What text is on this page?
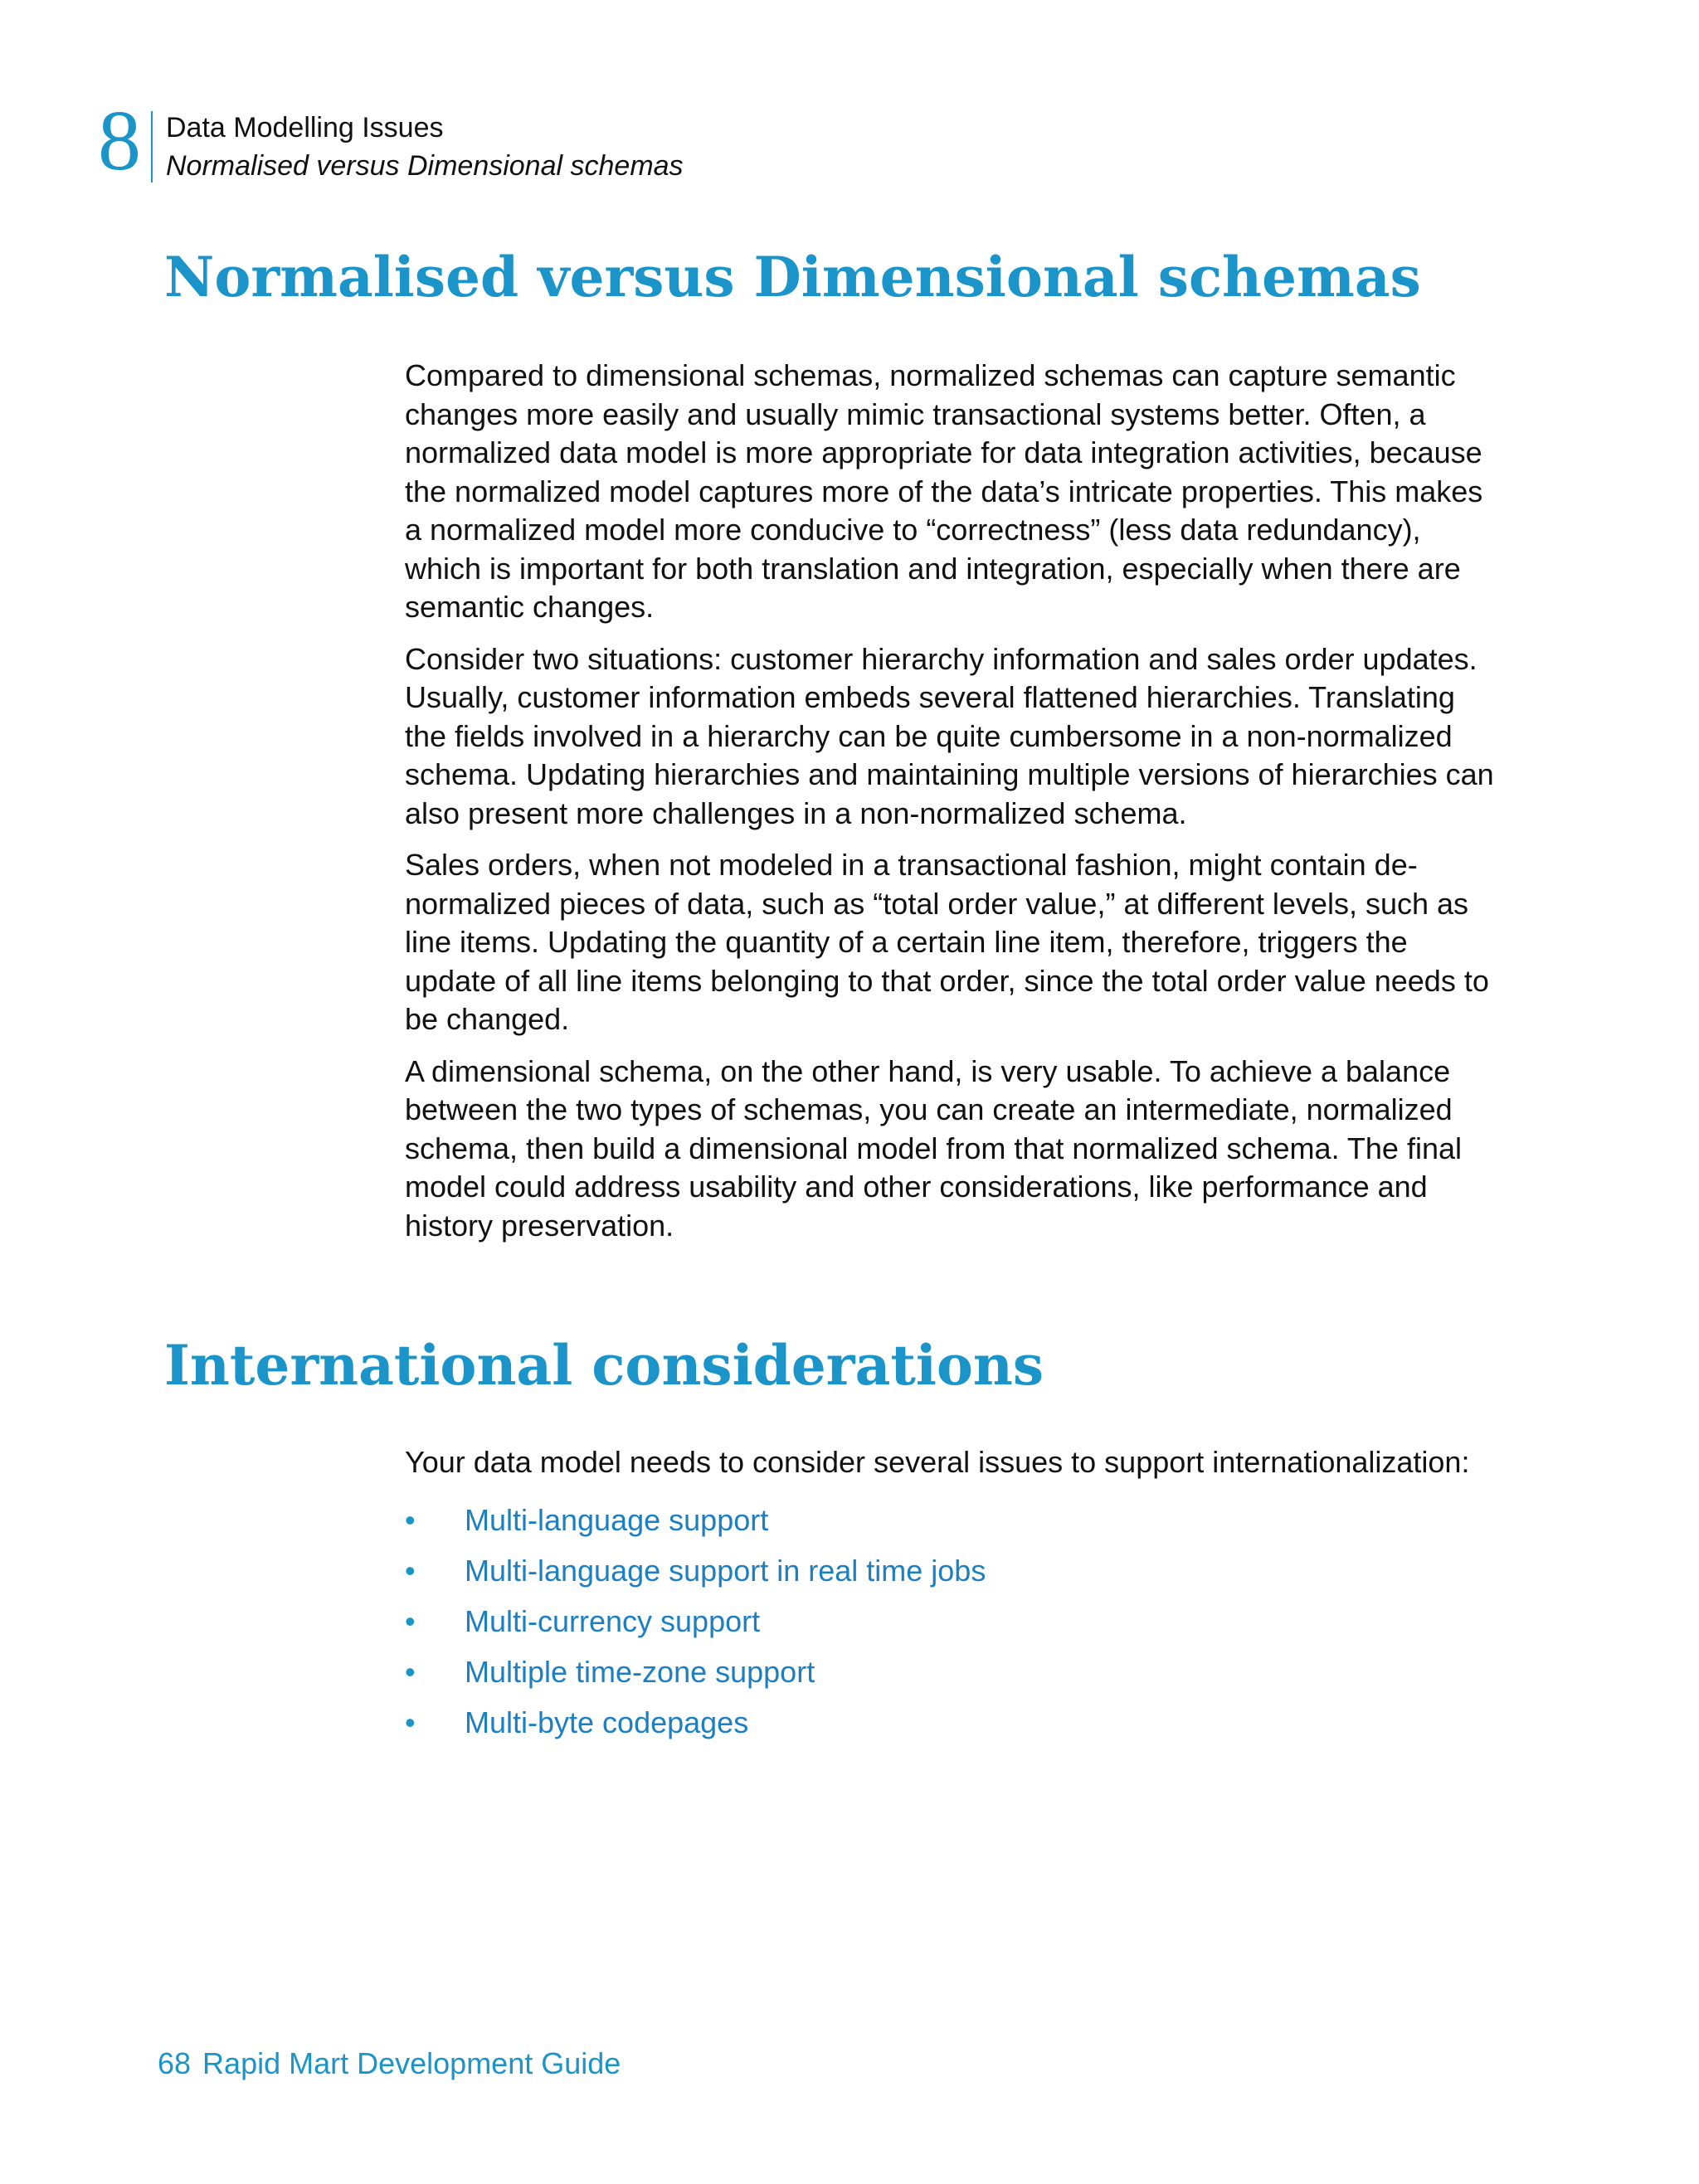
8 Data Modelling Issues
Normalised versus Dimensional schemas
Normalised versus Dimensional schemas

Compared to dimensional schemas, normalized schemas can capture semantic changes more easily and usually mimic transactional systems better. Often, a normalized data model is more appropriate for data integration activities, because the normalized model captures more of the data’s intricate properties. This makes a normalized model more conducive to “correctness” (less data redundancy), which is important for both translation and integration, especially when there are semantic changes.

Consider two situations: customer hierarchy information and sales order updates. Usually, customer information embeds several flattened hierarchies. Translating the fields involved in a hierarchy can be quite cumbersome in a non-normalized schema. Updating hierarchies and maintaining multiple versions of hierarchies can also present more challenges in a non-normalized schema.

Sales orders, when not modeled in a transactional fashion, might contain de-normalized pieces of data, such as “total order value,” at different levels, such as line items. Updating the quantity of a certain line item, therefore, triggers the update of all line items belonging to that order, since the total order value needs to be changed.

A dimensional schema, on the other hand, is very usable. To achieve a balance between the two types of schemas, you can create an intermediate, normalized schema, then build a dimensional model from that normalized schema. The final model could address usability and other considerations, like performance and history preservation.

International considerations

Your data model needs to consider several issues to support internationalization:

•	Multi-language support
•	Multi-language support in real time jobs
•	Multi-currency support
•	Multiple time-zone support
•	Multi-byte codepages
68 Rapid Mart Development Guide
